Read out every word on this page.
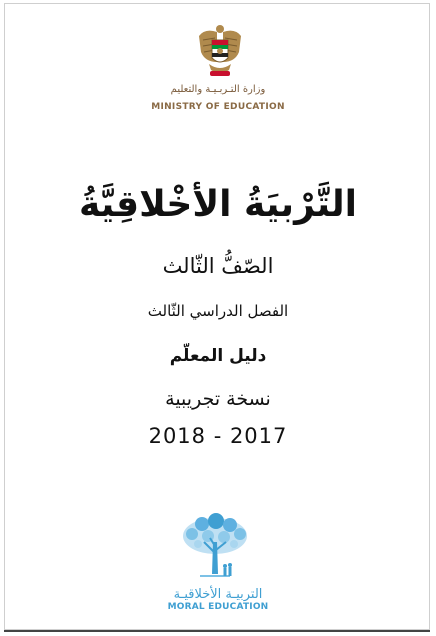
وزارة التـربـيـة والتعليم
MINISTRY OF EDUCATION
التَّرْبيَةُ الأخْلاقِيَّةُ
الصّفُّ الثّالث
الفصل الدراسي الثّالث
دليل المعلّم
نسخة تجريبية
2018 - 2017
التربيـة الأخلاقيـة
MORAL EDUCATION
